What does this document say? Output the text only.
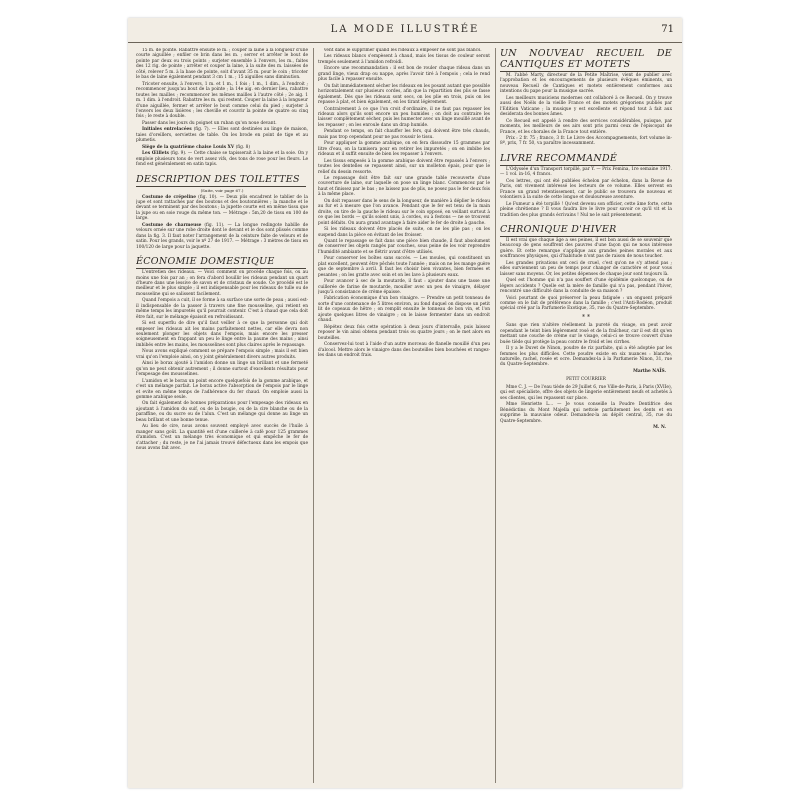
LA MODE ILLUSTRÉE	71

15 m. de pointe. Rabattre ensuite le m. ; couper la laine à la longueur d'une courte aiguillée ; enfiler ce brin dans les m. ; serrer et arrêter le bout de pointe par deux ou trois points ; surjeter ensemble à l'envers, les m., faites des 12 rig. de pointe ; arrêter et couper la laine, à la suite des m. laissées de côté, relever 5 m. à la base de pointe, soit d'avant 35 m. pour le coin ; tricoter le bas de laine également pendant 3 cm 1 m. ; 15 aiguilles sans diminution.

Tricoter ensuite, à l'envers, 1 m. et 1 m., 1 fois ; 1 m., 1 dim., à l'endroit ; recommencer jusqu'au bout de la pointe ; la 14e aig. en dernier lieu, rabattre toutes les mailles ; recommencer les mêmes mailles à l'autre côté ; 2e aig. 1 m. 1 dim. à l'endroit. Rabattre les m. qui restent. Couper la laine à la longueur d'une aiguillée, fermer et arrêter le bout comme celui du pied ; surjeter à l'envers les deux lisières ; les cheville et couvrir la pointe de quatre ou cinq fois ; le reste à double.

Passer dans les jours du poignet un ruban qu'on noue devant.

Initiales entrelacées (fig. 7). — Elles sont destinées au linge de maison, taies d'oreillers, serviettes de table. On les brode en point de tige et au plumetis.

Siège de la quatrième chaise Louis XV (fig. 8)

Les Œillets (fig. 9). — Cette chaise se tapisserait à la laine et la soie. On y emploie plusieurs tons de vert assez vifs, des tons de rose pour les fleurs. Le fond est généralement en satin tapis.

DESCRIPTION DES TOILETTES
(Suite, voir page 67.)

Costume de crépeline (fig. 10). — Deux plis encadrent le tablier de la jupe et sont rattachés par des boutons et des boutonnières ; la manche et le devant se terminent par des boutons ; la jupette courte est en même tissu que la jupe ou en soie rouge du même ton. — Métrage : 5m,20 de tissu en 100 de large.

Costume de charmeuse (fig. 11). — La longue redingote habille de velours ornée sur une robe droite dont le devant et le dos sont plissés comme dans la fig. 3. Il faut noter l'arrangement de la ceinture faite de velours et de satin. Pour les grands, voir le nº 27 de 1917. — Métrage : 3 mètres de tissu en 100/120 de large pour la jaquette.

ÉCONOMIE DOMESTIQUE

L'entretien des rideaux. — Voici comment on procède chaque fois, ou au moins une fois par an ; on fera d'abord bouillir les rideaux pendant un quart d'heure dans une lessive de savon et de cristaux de soude. Ce procédé est le meilleur et le plus simple ; il est indispensable pour les rideaux de tulle ou de mousseline qui se salissent facilement.

Quand l'empois a cuit, il se forme à sa surface une sorte de peau ; aussi est-il indispensable de la passer à travers une fine mousseline, qui retient en même temps les impuretés qu'il pourrait contenir. C'est à chaud que cela doit être fait, sur le mélange épaissit en refroidissant.

Si est superflu de dire qu'il faut veiller à ce que la personne qui doit empeser les rideaux ait les mains parfaitement nettes, car elle devra non seulement plonger les objets dans l'empois, mais encore les presser soigneusement en frappant un peu le linge entre la paume des mains ; ainsi imbibés entre les mains, les mousselines sont plus claires après le repassage.

Nous avons expliqué comment se prépare l'empois simple ; mais il est bien vrai qu'on l'emploie ainsi, on y joint généralement divers autres produits.

Ainsi le borax ajouté à l'amidon donne un linge un brillant et une fermeté qu'on ne peut obtenir autrement ; il donne surtout d'excellents résultats pour l'empesage des mousselines.

L'amidon et le borax un point encore quelquefois de la gomme arabique, et c'est un mélange parfait. Le borax active l'absorption de l'empois par le linge et evite en même temps de l'adhérence du fer chaud. On emploie aussi la gomme arabique seule.

On fait également de bonnes préparations pour l'empesage des rideaux en ajoutant à l'amidon du suif, ou de la bougie, ou de la cire blanche ou de la paraffine, ou du sucre ou de l'alun. C'est un mélange qui donne au linge un beau brillant et une bonne tenue.

Au lieu de cire, nous avons souvent employé avec succès de l'huile à manger sans goût. La quantité est d'une cuillerée à café pour 125 grammes d'amidon. C'est un mélange très économique et qui empêche le fer de s'attacher ; du reste, je ne l'ai jamais trouvé défectueux dans les empois que nous avons fait avec.

vent dans le supprimer quand les rideaux à empeser ne sont pas blancs.

Les rideaux blancs s'empèsent à chaud, mais les tissus de couleur seront trempés seulement à l'amidon refroidi.

Encore une recommandation : il est bon de rouler chaque rideau dans un grand linge, vieux drap ou nappe, après l'avoir tiré à l'empois ; cela le rend plus facile à repasser ensuite.

On fait immédiatement sécher les rideaux en les posant autant que possible horizontalement sur plusieurs cordes, afin que la répartition des plis se fasse également. Dès que les rideaux sont secs, on les plie en trois, puis on les repasse à plat, et bien également, en les tirant légèrement.

Contrairement à ce que l'on croit d'ordinaire, il ne faut pas repasser les rideaux alors qu'ils sont encore un peu humides ; on doit au contraire les laisser complètement sécher, puis les humecter avec un linge mouillé avant de les repasser ; on les enroule dans un drap humide.

Pendant ce temps, on fait chauffer les fers, qui doivent être très chauds, mais pas trop cependant pour ne pas roussir le tissu.

Pour appliquer la gomme arabique, on en fera dissoudre 15 grammes par litre d'eau, on la tamisera pour en retirer les impuretés ; on en imbibe les rideaux et il suffit ensuite de bien les repasser à l'envers.

Les tissus empesés à la gomme arabique doivent être repassés à l'envers ; toutes les dentelles se repassent ainsi, sur un molleton épais, pour que le relief du dessin ressorte.

Le repassage doit être fait sur une grande table recouverte d'une couverture de laine, sur laquelle on pose un linge blanc. Commencez par le haut et finissez par le bas ; ne laissez pas de plis, ne posez pas le fer deux fois à la même place.

On doit repasser dans le sens de la longueur, de manière à déplier le rideau au fur et à mesure que l'on avance. Pendant que le fer est tenu de la main droite, on tire de la gauche le rideau sur le coin opposé, en veillant surtout à ce que les bords — qu'ils soient unis, à cordes, ou à festons — ne se trouvent point défaits. On aura grand avantage à faire aider le fer de droite à gauche.

Si les rideaux doivent être placés de suite, on ne les plie pas ; on les suspend dans la pièce en évitant de les froisser.

Quant le repassage se fait dans une pièce bien chaude, il faut absolument de conserver les objets rangés par couches, sous peine de les voir reprendre l'humidité ambiante et se flétrir avant d'être utilisés.

Pour conserver les boîtes sans succès. — Les moules, qui constituent un plat excellent, peuvent être pêchés toute l'année ; mais on ne les mange guère que de septembre à avril. Il faut les choisir bien vivantes, bien fermées et pesantes ; on les gratte avec soin et on les lave à plusieurs eaux.

Pour avancer à sec de la moutarde, il faut : ajouter dans une tasse une cuillerée de farine de moutarde, mouiller avec un peu de vinaigre, délayer jusqu'à consistance de crème épaisse.

Fabrication économique d'un bon vinaigre. — Prendre un petit tonneau de sorte d'une contenance de 5 litres environ, au fond duquel on dispose un petit lit de copeaux de hêtre ; on remplit ensuite le tonneau de bon vin, et l'on ajoute quelques litres de vinaigre ; on le laisse fermenter dans un endroit chaud.

Répétez deux fois cette opération à deux jours d'intervalle, puis laissez reposer le vin ainsi obtenu pendant trois ou quatre jours ; on le met alors en bouteilles.

Conservez-lui tout à l'aide d'un autre morceau de flanelle mouillé d'un peu d'alcool. Mettre alors le vinaigre dans des bouteilles bien bouchées et rangez-les dans un endroit frais.

UN NOUVEAU RECUEIL DE CANTIQUES ET MOTETS

M. l'abbé Marty, directeur de la Petite Maîtrise, vient de publier avec l'approbation et les encouragements de plusieurs évêques éminents, un nouveau Recueil de Cantiques et motets entièrement conformes aux intentions du pape pour la musique sacrée.

Les meilleurs musiciens modernes ont collaboré à ce Recueil. On y trouve aussi des Noëls de la vieille France et des motets grégoriens publiés par l'Edition Vaticane ; la musique y est excellente et répond tout à fait aux desiderata des bonnes âmes.

Ce Recueil est appelé à rendre des services considérables, puisque, par moments, les meilleurs de ses airs sont pris parmi ceux de l'épiscopat de France, et les chorales de la France tout entière.

Prix : 2 fr. 75 ; franco, 3 fr. Le Livre des Accompagnements, fort volume in-8º, prix, 7 fr. 50, va paraître incessamment.

LIVRE RECOMMANDÉ

L'Odyssée d'un Transport torpillé, par Y. — Prix Femina, 1re semaine 1917. — 1 vol. in-16, 4 francs.

Ces lettres, qui ont été publiées échelon par échelon, dans la Revue de Paris, ont vivement intéressé les lecteurs de ce volume. Elles servent en France un grand retentissement, car le public se trouvera de nouveau et volontiers à la suite de cette longue et douloureuse aventure.

Le Fumeur a été torpillé ! Qu'est devenu son officier, cette âme forte, cette pleine chrétienne ? Il vous faudra lire le livre pour savoir ce qu'il vit et la tradition des plus grands écrivains ! Nul ne le sait présentement.

CHRONIQUE D'HIVER

Il est vrai que chaque âge a ses peines, il est bon aussi de se souvenir que beaucoup de gens souffrent des pauvres d'une façon qui ne nous intéresse guère. Et cette remarque s'applique aux grandes peines morales et aux souffrances physiques, qui d'habitude n'ont pas de raison de nous toucher.

Les grandes privations ont ceci de cruel, c'est qu'on ne s'y attend pas ; elles surviennent un peu de temps pour changer de caractère et pour vous laisser sans moyens. Or, les petites dépenses de chaque jour sont toujours là.

Quel est l'homme qui n'a pas souffert d'une épidémie quelconque, ou de légers accidents ? Quelle est la mère de famille qui n'a pas, pendant l'hiver, rencontré une difficulté dans la conduite de sa maison ?

Voici pourtant de quoi préserver la peau fatiguée : un onguent préparé comme on le fait de préférence dans la famille ; c'est l'Anti-Rodéon, produit spécial créé par la Parfumerie Exotique, 35, rue du Quatre-Septembre.

* *

Sans que rien n'altère réellement la pureté du visage, on peut avoir cependant le teint bien légèrement rosé et de la fraîcheur, car il est dit qu'en mettant une couche de crème sur le visage, celui-ci se trouve couvert d'une buée tiède qui protège la peau contre le froid et les cirrhes.

Il y a le Duvet de Ninon, poudre de riz parfaite, qui a été adoptée par les femmes les plus difficiles. Cette poudre existe en six nuances : blanche, naturelle, rachel, rosée et ocre. Demandez-la à la Parfumerie Ninon, 31, rue du Quatre-Septembre.

Marthe NAÏS.
PETIT COURRIER

Mme C. J. — De l'eau tiède de 29 Juillet 6, rue Ville-de-Paris, à Paris (XVIIe), qui est spécialiste, offre des objets de lingerie entièrement neufs et achetés à ses clientes, qui les repassent sur place.

Mme Henriette L... — Je vous conseille la Poudre Dentifrice des Bénédictins du Mont Majella qui nettoie parfaitement les dents et en supprime la mauvaise odeur. Demandez-la au dépôt central, 35, rue du Quatre-Septembre.

M. N.
